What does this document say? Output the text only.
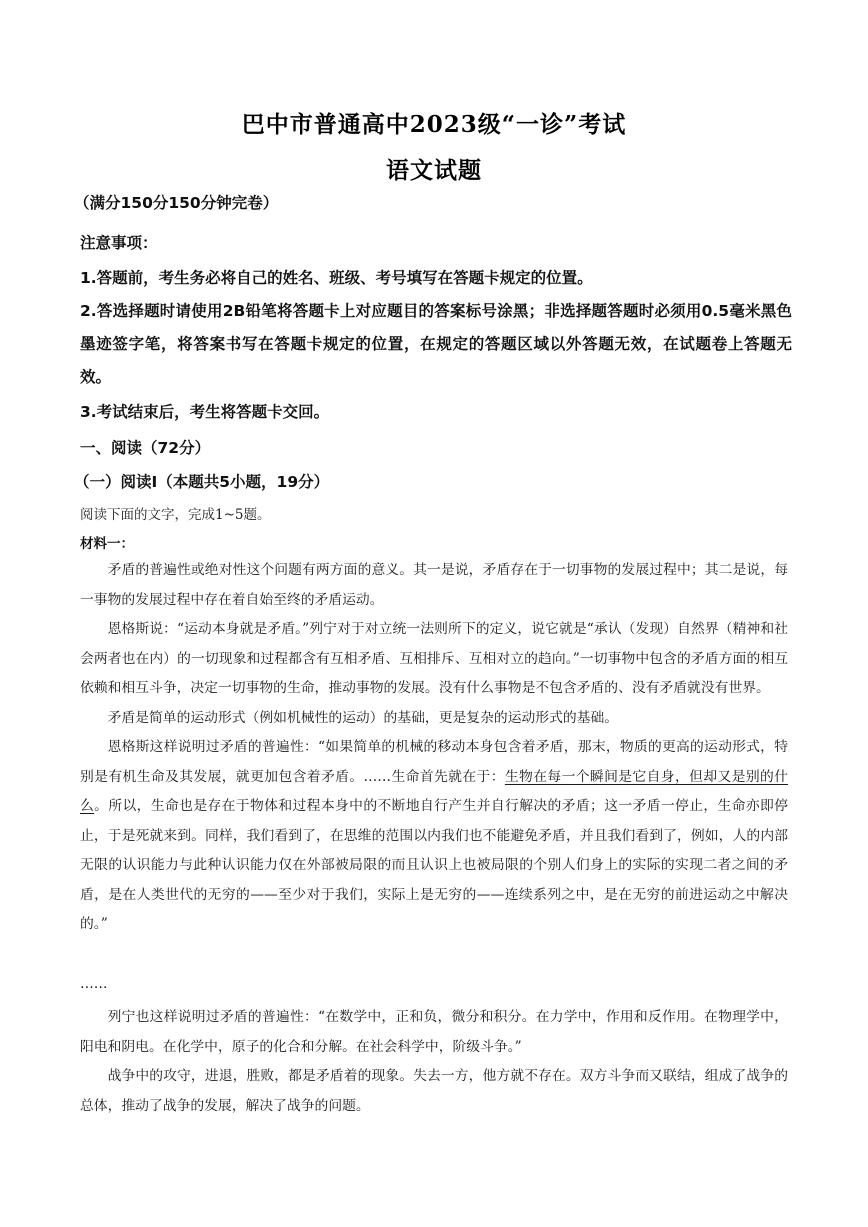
巴中市普通高中2023级“一诊”考试
语文试题
（满分150分150分钟完卷）
注意事项：
1.答题前，考生务必将自己的姓名、班级、考号填写在答题卡规定的位置。
2.答选择题时请使用2B铅笔将答题卡上对应题目的答案标号涂黑；非选择题答题时必须用0.5毫米黑色墨迹签字笔，将答案书写在答题卡规定的位置，在规定的答题区域以外答题无效，在试题卷上答题无效。
3.考试结束后，考生将答题卡交回。
一、阅读（72分）
（一）阅读Ⅰ（本题共5小题，19分）
阅读下面的文字，完成1~5题。
材料一：

矛盾的普遍性或绝对性这个问题有两方面的意义。其一是说，矛盾存在于一切事物的发展过程中；其二是说，每一事物的发展过程中存在着自始至终的矛盾运动。

恩格斯说：“运动本身就是矛盾。”列宁对于对立统一法则所下的定义，说它就是“承认（发现）自然界（精神和社会两者也在内）的一切现象和过程都含有互相矛盾、互相排斥、互相对立的趋向。”一切事物中包含的矛盾方面的相互依赖和相互斗争，决定一切事物的生命，推动事物的发展。没有什么事物是不包含矛盾的、没有矛盾就没有世界。

矛盾是简单的运动形式（例如机械性的运动）的基础，更是复杂的运动形式的基础。

恩格斯这样说明过矛盾的普遍性：“如果简单的机械的移动本身包含着矛盾，那末，物质的更高的运动形式，特别是有机生命及其发展，就更加包含着矛盾。……生命首先就在于：生物在每一个瞬间是它自身，但却又是别的什么。所以，生命也是存在于物体和过程本身中的不断地自行产生并自行解决的矛盾；这一矛盾一停止，生命亦即停止，于是死就来到。同样，我们看到了，在思维的范围以内我们也不能避免矛盾，并且我们看到了，例如，人的内部无限的认识能力与此种认识能力仅在外部被局限的而且认识上也被局限的个别人们身上的实际的实现二者之间的矛盾，是在人类世代的无穷的——至少对于我们，实际上是无穷的——连续系列之中，是在无穷的前进运动之中解决的。”

……

列宁也这样说明过矛盾的普遍性：“在数学中，正和负，微分和积分。在力学中，作用和反作用。在物理学中，阳电和阴电。在化学中，原子的化合和分解。在社会科学中，阶级斗争。”

战争中的攻守，进退，胜败，都是矛盾着的现象。失去一方，他方就不存在。双方斗争而又联结，组成了战争的总体，推动了战争的发展，解决了战争的问题。
